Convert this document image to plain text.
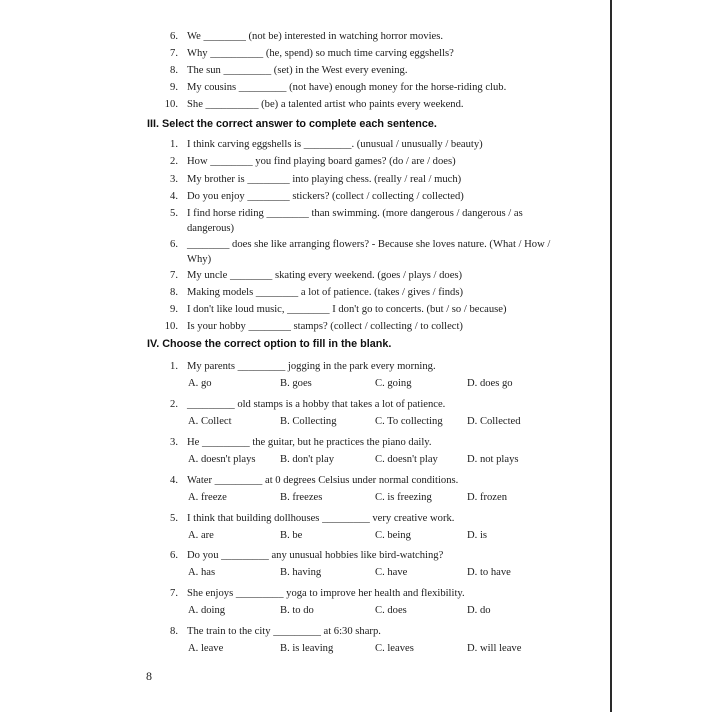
6. We ________ (not be) interested in watching horror movies.
7. Why __________ (he, spend) so much time carving eggshells?
8. The sun _________ (set) in the West every evening.
9. My cousins _________ (not have) enough money for the horse-riding club.
10. She __________ (be) a talented artist who paints every weekend.
III. Select the correct answer to complete each sentence.
1. I think carving eggshells is _________. (unusual / unusually / beauty)
2. How ________ you find playing board games? (do / are / does)
3. My brother is ________ into playing chess. (really / real / much)
4. Do you enjoy ________ stickers? (collect / collecting / collected)
5. I find horse riding ________ than swimming. (more dangerous / dangerous / as dangerous)
6. ________ does she like arranging flowers? - Because she loves nature. (What / How / Why)
7. My uncle ________ skating every weekend. (goes / plays / does)
8. Making models ________ a lot of patience. (takes / gives / finds)
9. I don't like loud music, ________ I don't go to concerts. (but / so / because)
10. Is your hobby ________ stamps? (collect / collecting / to collect)
IV. Choose the correct option to fill in the blank.
1. My parents _________ jogging in the park every morning.
A. go	B. goes	C. going	D. does go
2. _________ old stamps is a hobby that takes a lot of patience.
A. Collect	B. Collecting	C. To collecting D. Collected
3. He _________ the guitar, but he practices the piano daily.
A. doesn't plays B. don't play	C. doesn't play	D. not plays
4. Water _________ at 0 degrees Celsius under normal conditions.
A. freeze	B. freezes	C. is freezing	D. frozen
5. I think that building dollhouses _________ very creative work.
A. are	B. be	C. being	D. is
6. Do you _________ any unusual hobbies like bird-watching?
A. has	B. having	C. have	D. to have
7. She enjoys _________ yoga to improve her health and flexibility.
A. doing	B. to do	C. does	D. do
8. The train to the city _________ at 6:30 sharp.
A. leave	B. is leaving	C. leaves	D. will leave
8
